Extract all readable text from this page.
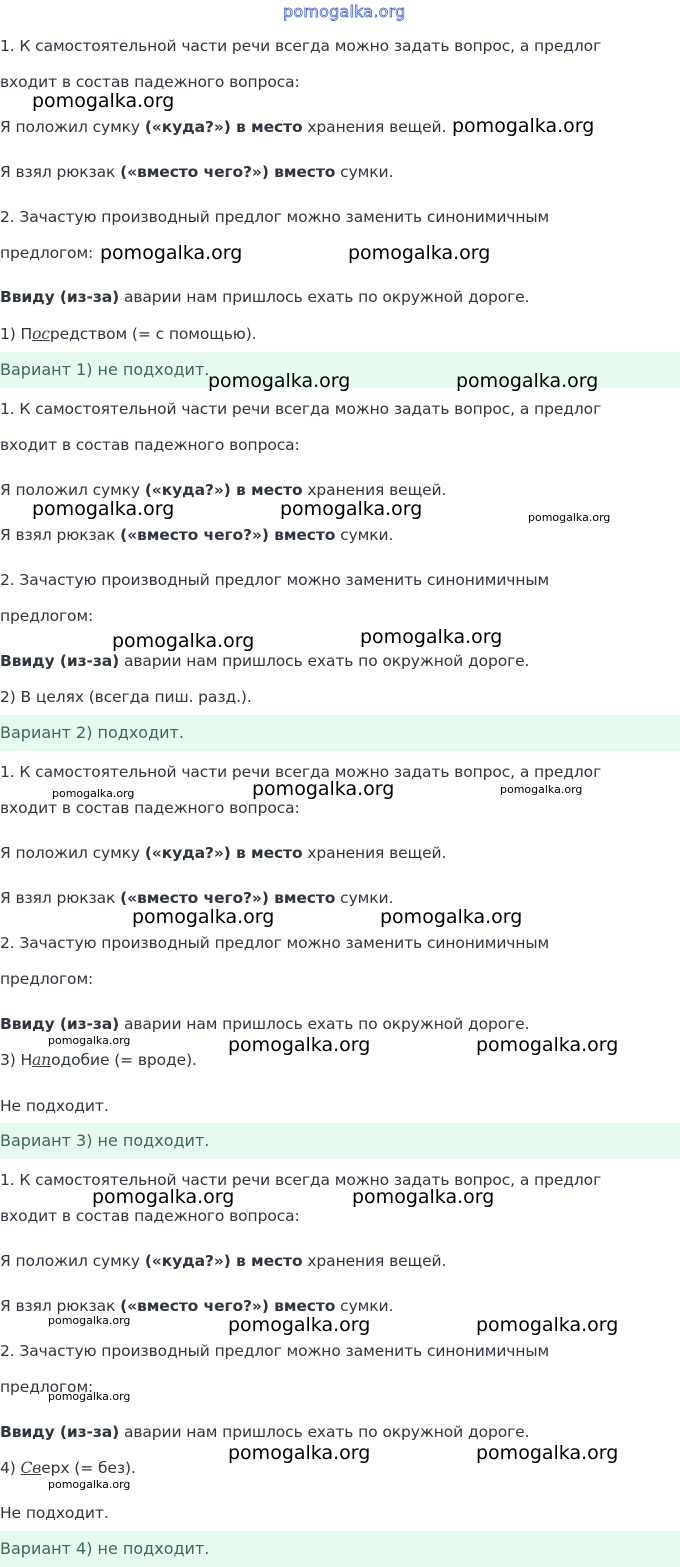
pomogalka.org
1. К самостоятельной части речи всегда можно задать вопрос, а предлог
входит в состав падежного вопроса:
Я положил сумку («куда?») в место хранения вещей.
Я взял рюкзак («вместо чего?») вместо сумки.
2. Зачастую производный предлог можно заменить синонимичным
предлогом:
Ввиду (из-за) аварии нам пришлось ехать по окружной дороге.
1) Посредством (= с помощью).
Вариант 1) не подходит.
1. К самостоятельной части речи всегда можно задать вопрос, а предлог
входит в состав падежного вопроса:
Я положил сумку («куда?») в место хранения вещей.
Я взял рюкзак («вместо чего?») вместо сумки.
2. Зачастую производный предлог можно заменить синонимичным
предлогом:
Ввиду (из-за) аварии нам пришлось ехать по окружной дороге.
2) В целях (всегда пиш. разд.).
Вариант 2) подходит.
1. К самостоятельной части речи всегда можно задать вопрос, а предлог
входит в состав падежного вопроса:
Я положил сумку («куда?») в место хранения вещей.
Я взял рюкзак («вместо чего?») вместо сумки.
2. Зачастую производный предлог можно заменить синонимичным
предлогом:
Ввиду (из-за) аварии нам пришлось ехать по окружной дороге.
3) Наподобие (= вроде).
Не подходит.
Вариант 3) не подходит.
1. К самостоятельной части речи всегда можно задать вопрос, а предлог
входит в состав падежного вопроса:
Я положил сумку («куда?») в место хранения вещей.
Я взял рюкзак («вместо чего?») вместо сумки.
2. Зачастую производный предлог можно заменить синонимичным
предлогом:
Ввиду (из-за) аварии нам пришлось ехать по окружной дороге.
4) Сверх (= без).
Не подходит.
Вариант 4) не подходит.
pomogalka.org
pomogalka.org
pomogalka.org	pomogalka.org
pomogalka.org	pomogalka.org
pomogalka.org	pomogalka.org	pomogalka.org
pomogalka.org	pomogalka.org
pomogalka.org	pomogalka.org	pomogalka.org
pomogalka.org	pomogalka.org
pomogalka.org	pomogalka.org	pomogalka.org
pomogalka.org	pomogalka.org
pomogalka.org	pomogalka.org	pomogalka.org
pomogalka.org
pomogalka.org	pomogalka.org
pomogalka.org
